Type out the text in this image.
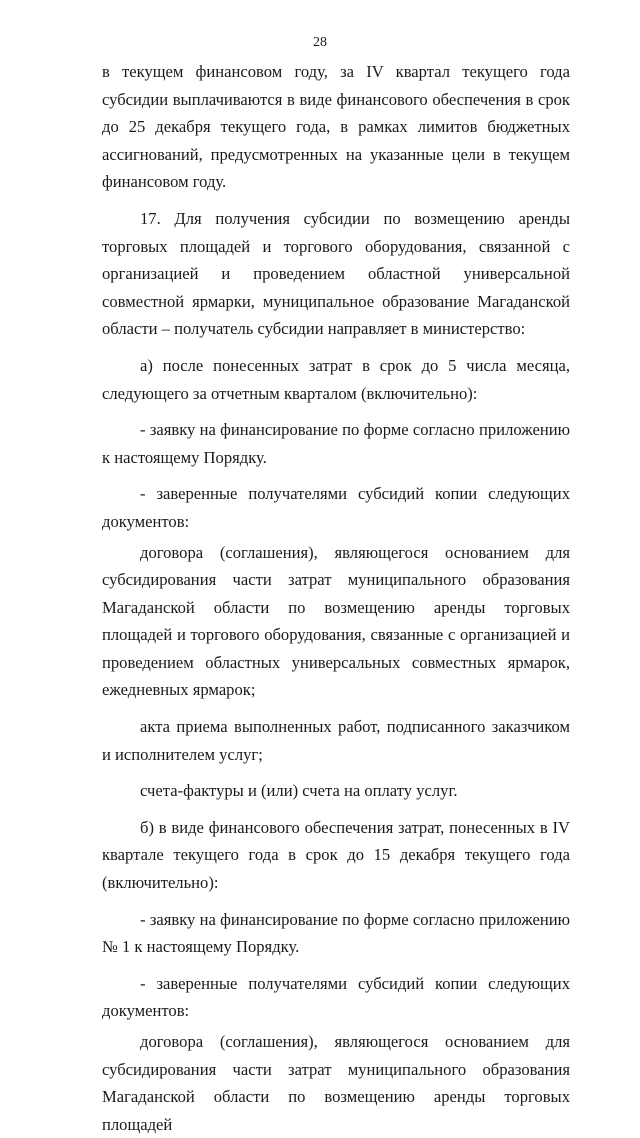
28

в текущем финансовом году, за IV квартал текущего года субсидии выплачиваются в виде финансового обеспечения в срок до 25 декабря текущего года, в рамках лимитов бюджетных ассигнований, предусмотренных на указанные цели в текущем финансовом году.

17. Для получения субсидии по возмещению аренды торговых площадей и торгового оборудования, связанной с организацией и проведением областной универсальной совместной ярмарки, муниципальное образование Магаданской области – получатель субсидии направляет в министерство:

а) после понесенных затрат в срок до 5 числа месяца, следующего за отчетным кварталом (включительно):

- заявку на финансирование по форме согласно приложению к настоящему Порядку.

- заверенные получателями субсидий копии следующих документов:

договора (соглашения), являющегося основанием для субсидирования части затрат муниципального образования Магаданской области по возмещению аренды торговых площадей и торгового оборудования, связанные с организацией и проведением областных универсальных совместных ярмарок, ежедневных ярмарок;

акта приема выполненных работ, подписанного заказчиком и исполнителем услуг;

счета-фактуры и (или) счета на оплату услуг.

б) в виде финансового обеспечения затрат, понесенных в IV квартале текущего года в срок до 15 декабря текущего года (включительно):

- заявку на финансирование по форме согласно приложению № 1 к настоящему Порядку.

- заверенные получателями субсидий копии следующих документов:

договора (соглашения), являющегося основанием для субсидирования части затрат муниципального образования Магаданской области по возмещению аренды торговых площадей
